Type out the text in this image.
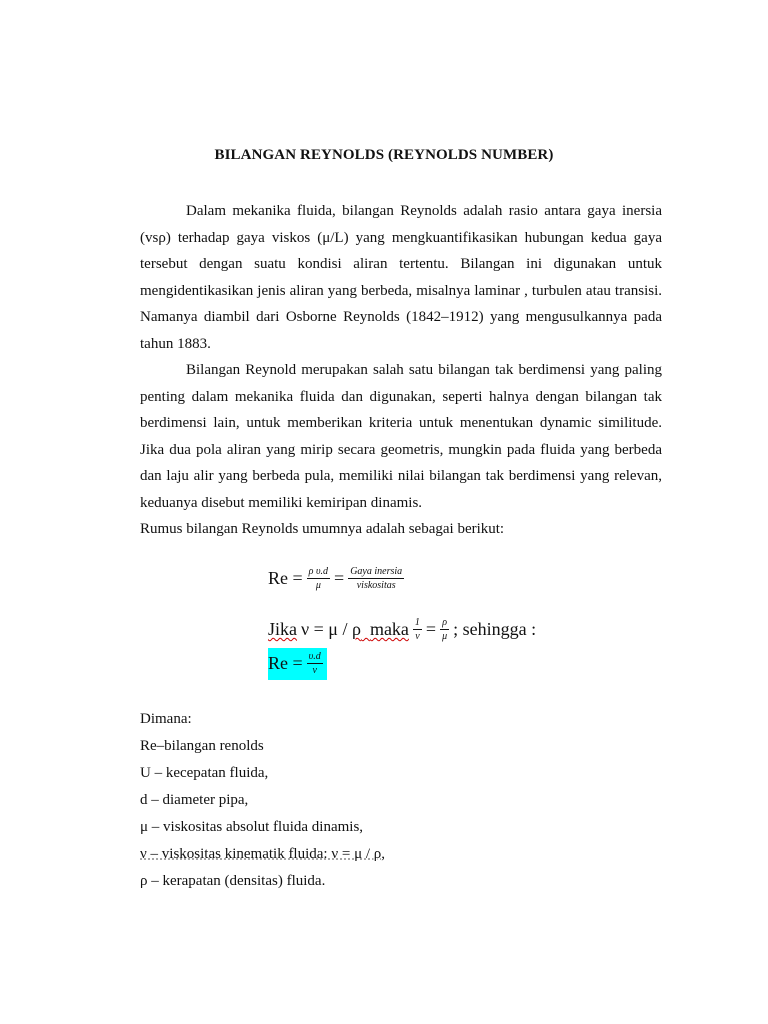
BILANGAN REYNOLDS (REYNOLDS NUMBER)
Dalam mekanika fluida, bilangan Reynolds adalah rasio antara gaya inersia (vsρ) terhadap gaya viskos (μ/L) yang mengkuantifikasikan hubungan kedua gaya tersebut dengan suatu kondisi aliran tertentu. Bilangan ini digunakan untuk mengidentikasikan jenis aliran yang berbeda, misalnya laminar , turbulen atau transisi. Namanya diambil dari Osborne Reynolds (1842–1912) yang mengusulkannya pada tahun 1883.
Bilangan Reynold merupakan salah satu bilangan tak berdimensi yang paling penting dalam mekanika fluida dan digunakan, seperti halnya dengan bilangan tak berdimensi lain, untuk memberikan kriteria untuk menentukan dynamic similitude. Jika dua pola aliran yang mirip secara geometris, mungkin pada fluida yang berbeda dan laju alir yang berbeda pula, memiliki nilai bilangan tak berdimensi yang relevan, keduanya disebut memiliki kemiripan dinamis.
Rumus bilangan Reynolds umumnya adalah sebagai berikut:
$Re = \frac{\text{ρ υ.d}}{\mu} = \frac{\text{Gaya inersia}}{\text{viskositas}}$
Jika ν = μ / ρ maka $\frac{1}{\nu} = \frac{\rho}{\mu}$ ; sehingga :
$Re = \frac{\upsilon.d}{\nu}$
Dimana:
Re–bilangan renolds
U – kecepatan fluida,
d – diameter pipa,
μ – viskositas absolut fluida dinamis,
ν – viskositas kinematik fluida: ν = μ / ρ,
ρ – kerapatan (densitas) fluida.
